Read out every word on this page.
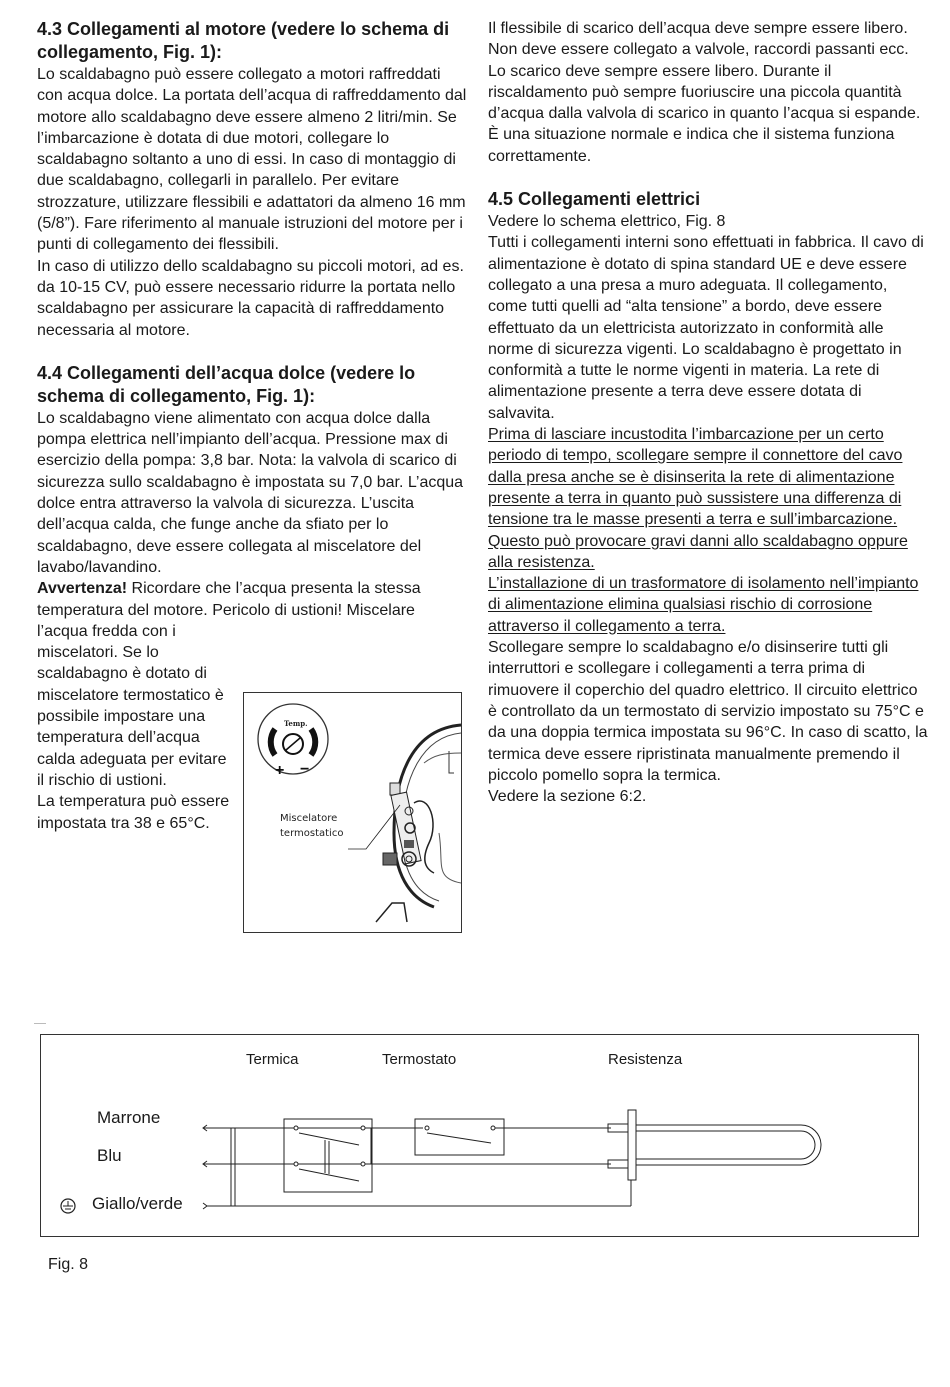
4.3 Collegamenti al motore (vedere lo schema di collegamento, Fig. 1):

Lo scaldabagno può essere collegato a motori raffreddati con acqua dolce. La portata dell’acqua di raffreddamento dal motore allo scaldabagno deve essere almeno 2 litri/min. Se l’imbarcazione è dotata di due motori, collegare lo scaldabagno soltanto a uno di essi. In caso di montaggio di due scaldabagno, collegarli in parallelo. Per evitare strozzature, utilizzare flessibili e adattatori da almeno 16 mm (5/8”). Fare riferimento al manuale istruzioni del motore per i punti di collegamento dei flessibili.

In caso di utilizzo dello scaldabagno su piccoli motori, ad es. da 10-15 CV, può essere necessario ridurre la portata nello scaldabagno per assicurare la capacità di raffreddamento necessaria al motore.

4.4 Collegamenti dell’acqua dolce (vedere lo schema di collegamento, Fig. 1):

Lo scaldabagno viene alimentato con acqua dolce dalla pompa elettrica nell’impianto dell’acqua. Pressione max di esercizio della pompa: 3,8 bar. Nota: la valvola di scarico di sicurezza sullo scaldabagno è impostata su 7,0 bar. L’acqua dolce entra attraverso la valvola di sicurezza. L’uscita dell’acqua calda, che funge anche da sfiato per lo scaldabagno, deve essere collegata al miscelatore del lavabo/lavandino.

Avvertenza! Ricordare che l’acqua presenta la stessa temperatura del motore. Pericolo di ustioni! Miscelare

l’acqua fredda con i miscelatori. Se lo scaldabagno è dotato di miscelatore termostatico è possibile impostare una temperatura dell’acqua calda adeguata per evitare il rischio di ustioni.

La temperatura può essere impostata tra 38 e 65°C.

Temp.
+ −
Miscelatore
termostatico

Il flessibile di scarico dell’acqua deve sempre essere libero. Non deve essere collegato a valvole, raccordi passanti ecc. Lo scarico deve sempre essere libero. Durante il riscaldamento può sempre fuoriuscire una piccola quantità d’acqua dalla valvola di scarico in quanto l’acqua si espande. È una situazione normale e indica che il sistema funziona correttamente.

4.5 Collegamenti elettrici

Vedere lo schema elettrico, Fig. 8

Tutti i collegamenti interni sono effettuati in fabbrica. Il cavo di alimentazione è dotato di spina standard UE e deve essere collegato a una presa a muro adeguata. Il collegamento, come tutti quelli ad “alta tensione” a bordo, deve essere effettuato da un elettricista autorizzato in conformità alle norme di sicurezza vigenti. Lo scaldabagno è progettato in conformità a tutte le norme vigenti in materia. La rete di alimentazione presente a terra deve essere dotata di salvavita.

Prima di lasciare incustodita l’imbarcazione per un certo periodo di tempo, scollegare sempre il connettore del cavo dalla presa anche se è disinserita la rete di alimentazione presente a terra in quanto può sussistere una differenza di tensione tra le masse presenti a terra e sull’imbarcazione. Questo può provocare gravi danni allo scaldabagno oppure alla resistenza.

L’installazione di un trasformatore di isolamento nell’impianto di alimentazione elimina qualsiasi rischio di corrosione attraverso il collegamento a terra.

Scollegare sempre lo scaldabagno e/o disinserire tutti gli interruttori e scollegare i collegamenti a terra prima di rimuovere il coperchio del quadro elettrico. Il circuito elettrico è controllato da un termostato di servizio impostato su 75°C e da una doppia termica impostata su 96°C. In caso di scatto, la termica deve essere ripristinata manualmente premendo il piccolo pomello sopra la termica.

Vedere la sezione 6:2.

Termica	Termostato	Resistenza
Marrone
Blu
Giallo/verde
Fig. 8
